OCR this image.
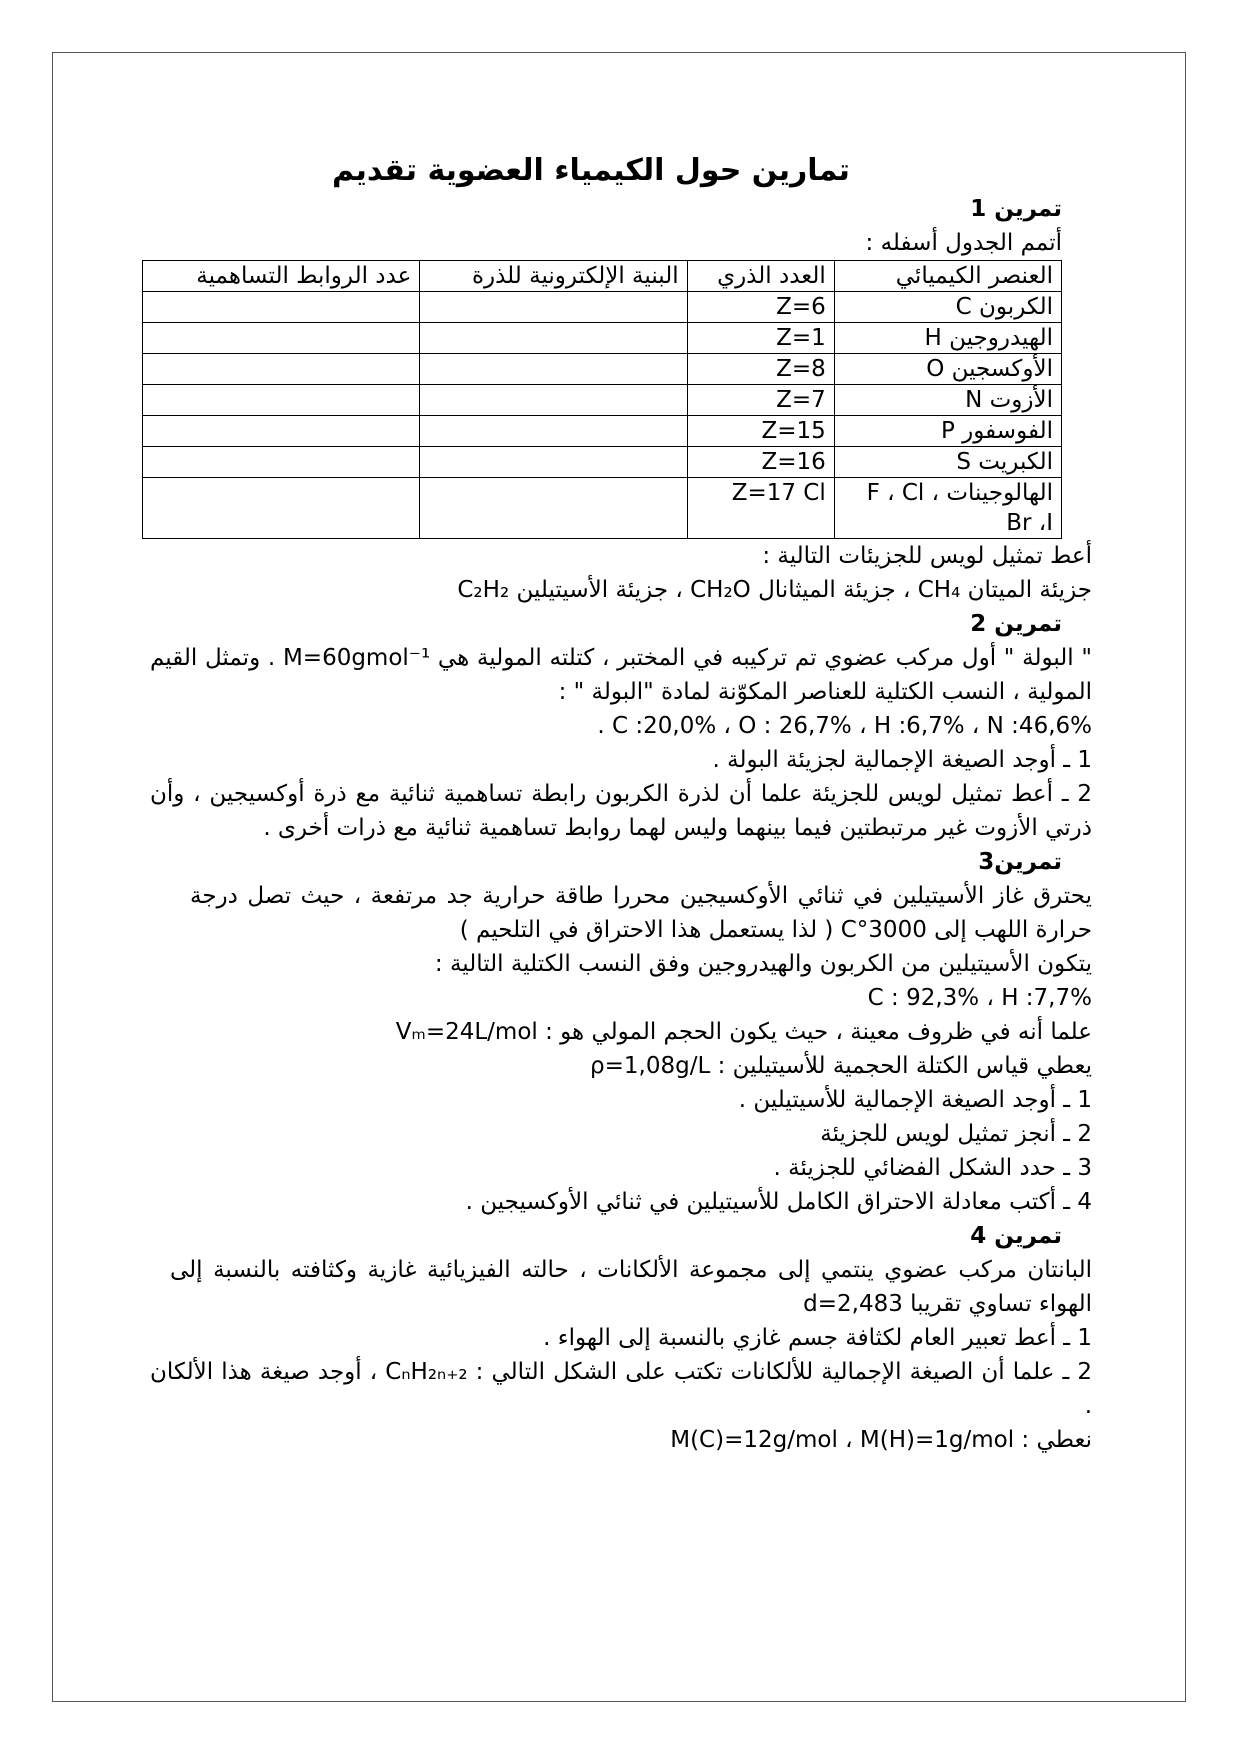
تمارين حول الكيمياء العضوية تقديم
تمرين 1
أتمم الجدول أسفله :
العنصر الكيميائي	العدد الذري	البنية الإلكترونية للذرة	عدد الروابط التساهمية
الكربون C	Z=6		
الهيدروجين H	Z=1		
الأوكسجين O	Z=8		
الأزوت N	Z=7		
الفوسفور P	Z=15		
الكبريت S	Z=16		
الهالوجينات F ، Cl ، Br ،I	Z=17 Cl		
أعط تمثيل لويس للجزيئات التالية :
جزيئة الميتان CH₄ ، جزيئة الميثانال CH₂O ، جزيئة الأسيتيلين C₂H₂
تمرين 2
" البولة " أول مركب عضوي تم تركيبه في المختبر ، كتلته المولية هي M=60gmol⁻¹ . وتمثل القيم المولية ، النسب الكتلية للعناصر المكوّنة لمادة "البولة " :
C :20,0% ، O : 26,7% ، H :6,7% ، N :46,6% .
1 ـ أوجد الصيغة الإجمالية لجزيئة البولة .
2 ـ أعط تمثيل لويس للجزيئة علما أن لذرة الكربون رابطة تساهمية ثنائية مع ذرة أوكسيجين ، وأن ذرتي الأزوت غير مرتبطتين فيما بينهما وليس لهما روابط تساهمية ثنائية مع ذرات أخرى .
تمرين3
يحترق غاز الأسيتيلين في ثنائي الأوكسيجين محررا طاقة حرارية جد مرتفعة ، حيث تصل درجة حرارة اللهب إلى 3000°C ( لذا يستعمل هذا الاحتراق في التلحيم )
يتكون الأسيتيلين من الكربون والهيدروجين وفق النسب الكتلية التالية :
C : 92,3% ، H :7,7%
علما أنه في ظروف معينة ، حيث يكون الحجم المولي هو : Vₘ=24L/mol
يعطي قياس الكتلة الحجمية للأسيتيلين : ρ=1,08g/L
1 ـ أوجد الصيغة الإجمالية للأسيتيلين .
2 ـ أنجز تمثيل لويس للجزيئة
3 ـ حدد الشكل الفضائي للجزيئة .
4 ـ أكتب معادلة الاحتراق الكامل للأسيتيلين في ثنائي الأوكسيجين .
تمرين 4
البانتان مركب عضوي ينتمي إلى مجموعة الألكانات ، حالته الفيزيائية غازية وكثافته بالنسبة إلى الهواء تساوي تقريبا d=2,483
1 ـ أعط تعبير العام لكثافة جسم غازي بالنسبة إلى الهواء .
2 ـ علما أن الصيغة الإجمالية للألكانات تكتب على الشكل التالي : CₙH₂ₙ₊₂ ، أوجد صيغة هذا الألكان .
نعطي : M(C)=12g/mol ، M(H)=1g/mol
